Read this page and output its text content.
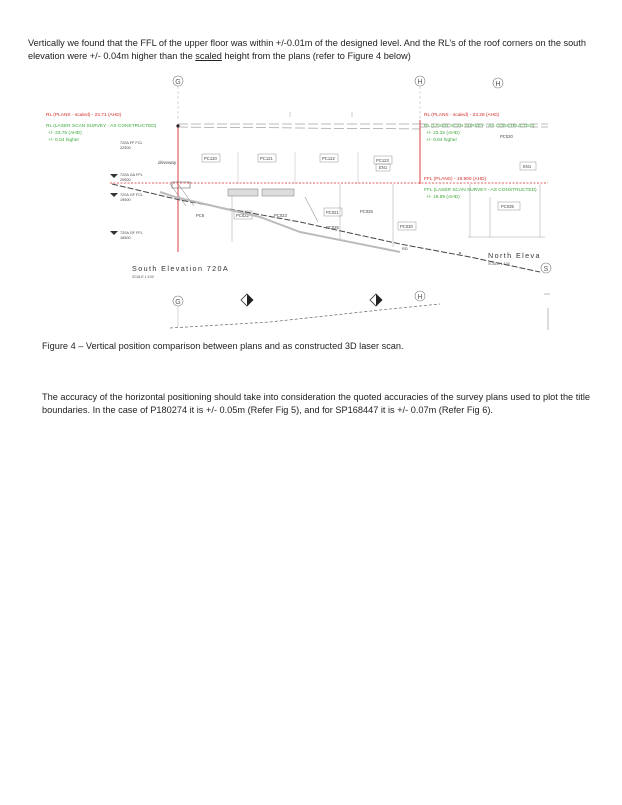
Vertically we found that the FFL of the upper floor was within +/-0.01m of the designed level. And the RL’s of the roof corners on the south elevation were +/- 0.04m higher than the scaled height from the plans (refer to Figure 4 below)

G	H	H
RL (PLANS - scaled) - 23.71 (AHD)
RL (LASER SCAN SURVEY - AS CONSTRUCTED)
+/- 23.75 (AHD)
+/- 0.04 higher
RL (PLANS - scaled) - 23.28 (AHD)
RL (LASER SCAN SURVEY - AS CONSTRUCTED)
+/- 23.32 (AHD)
+/- 0.04 higher
PC120	PC121	PC122	PC123
EN1
PC020
EN1
driveway
720A FF FCL
22900
720A GA FFL
20900
720A GF FCL
19500
720A GF FFL
16500
FFL (PLANS) - 19.900 (AHD)
FFL (LASER SCAN SURVEY - AS CONSTRUCTED)
+/- 19.89 (AHD)
PC6	PC022	PC023
PC021	PC025
PC030
PC035
PC026
RD
South Elevation 720A
SCALE 1:100
North Eleva
SCALE 1:100
S
G
H

Figure 4 – Vertical position comparison between plans and as constructed 3D laser scan.

The accuracy of the horizontal positioning should take into consideration the quoted accuracies of the survey plans used to plot the title boundaries. In the case of P180274 it is +/- 0.05m (Refer Fig 5), and for SP168447 it is +/- 0.07m (Refer Fig 6).
